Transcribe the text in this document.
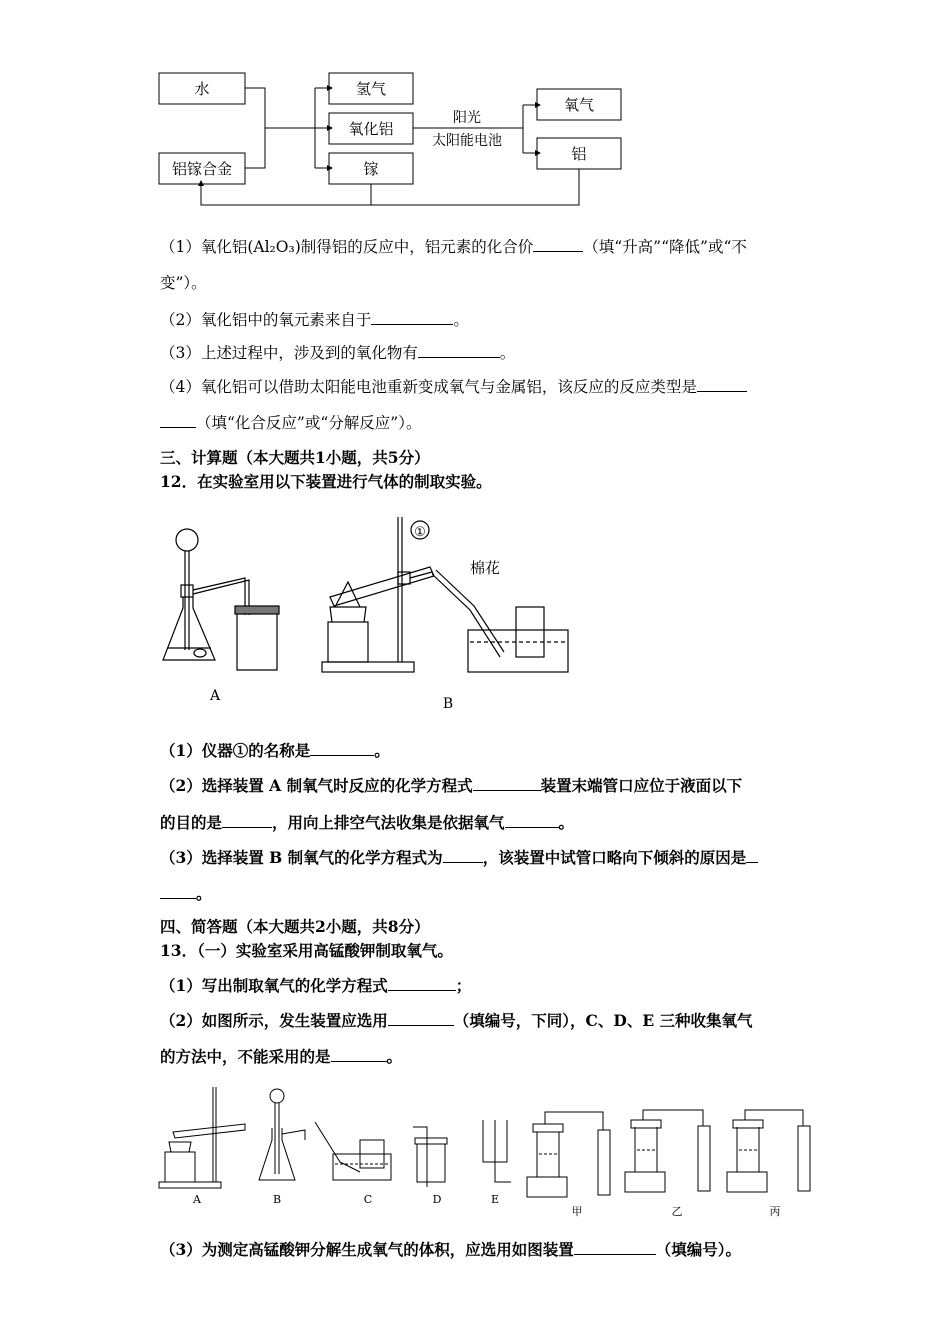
水
铝镓合金
氢气
氧化铝
镓
阳光
太阳能电池
氧气
铝
（1）氧化铝(Al₂O₃)制得铝的反应中，铝元素的化合价	（填“升高”“降低”或“不
变”）。
（2）氧化铝中的氧元素来自于	。
（3）上述过程中，涉及到的氧化物有	。
（4）氧化铝可以借助太阳能电池重新变成氧气与金属铝，该反应的反应类型是
（填“化合反应”或“分解反应”）。
三、计算题（本大题共1小题，共5分）
12．在实验室用以下装置进行气体的制取实验。
A
①
棉花
B
（1）仪器①的名称是	。
（2）选择装置 A 制氧气时反应的化学方程式	装置末端管口应位于液面以下
的目的是	，用向上排空气法收集是依据氧气	。
（3）选择装置 B 制氧气的化学方程式为	，该装置中试管口略向下倾斜的原因是
。
四、简答题（本大题共2小题，共8分）
13．（一）实验室采用高锰酸钾制取氧气。
（1）写出制取氧气的化学方程式	；
（2）如图所示，发生装置应选用	（填编号，下同），C、D、E 三种收集氧气
的方法中，不能采用的是	。
A	B	C	D	E
甲	乙	丙
（3）为测定高锰酸钾分解生成氧气的体积，应选用如图装置	（填编号）。
